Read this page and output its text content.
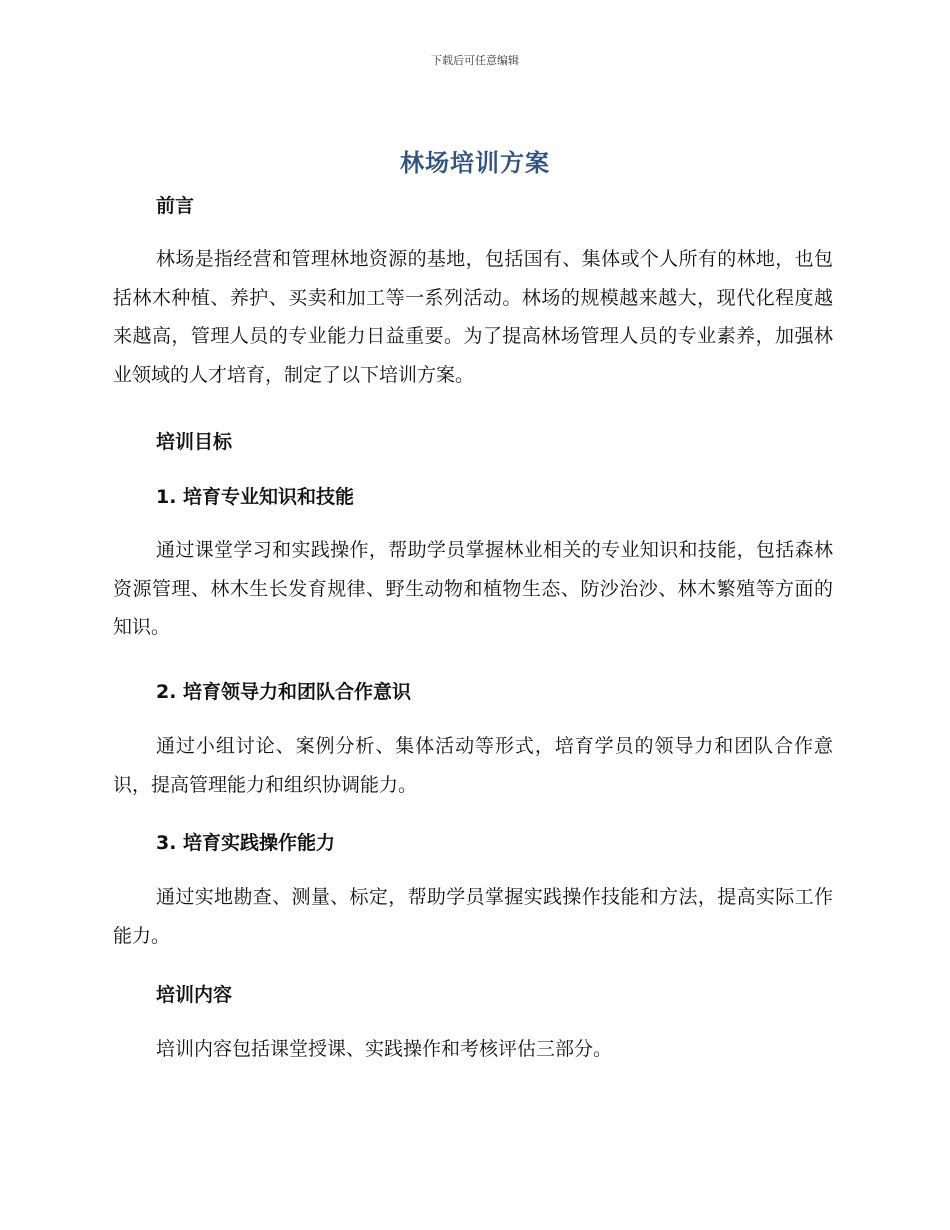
下载后可任意编辑
林场培训方案
前言

林场是指经营和管理林地资源的基地，包括国有、集体或个人所有的林地，也包括林木种植、养护、买卖和加工等一系列活动。林场的规模越来越大，现代化程度越来越高，管理人员的专业能力日益重要。为了提高林场管理人员的专业素养，加强林业领域的人才培育，制定了以下培训方案。

培训目标
1. 培育专业知识和技能

通过课堂学习和实践操作，帮助学员掌握林业相关的专业知识和技能，包括森林资源管理、林木生长发育规律、野生动物和植物生态、防沙治沙、林木繁殖等方面的知识。

2. 培育领导力和团队合作意识

通过小组讨论、案例分析、集体活动等形式，培育学员的领导力和团队合作意识，提高管理能力和组织协调能力。

3. 培育实践操作能力

通过实地勘查、测量、标定，帮助学员掌握实践操作技能和方法，提高实际工作能力。

培训内容

培训内容包括课堂授课、实践操作和考核评估三部分。
